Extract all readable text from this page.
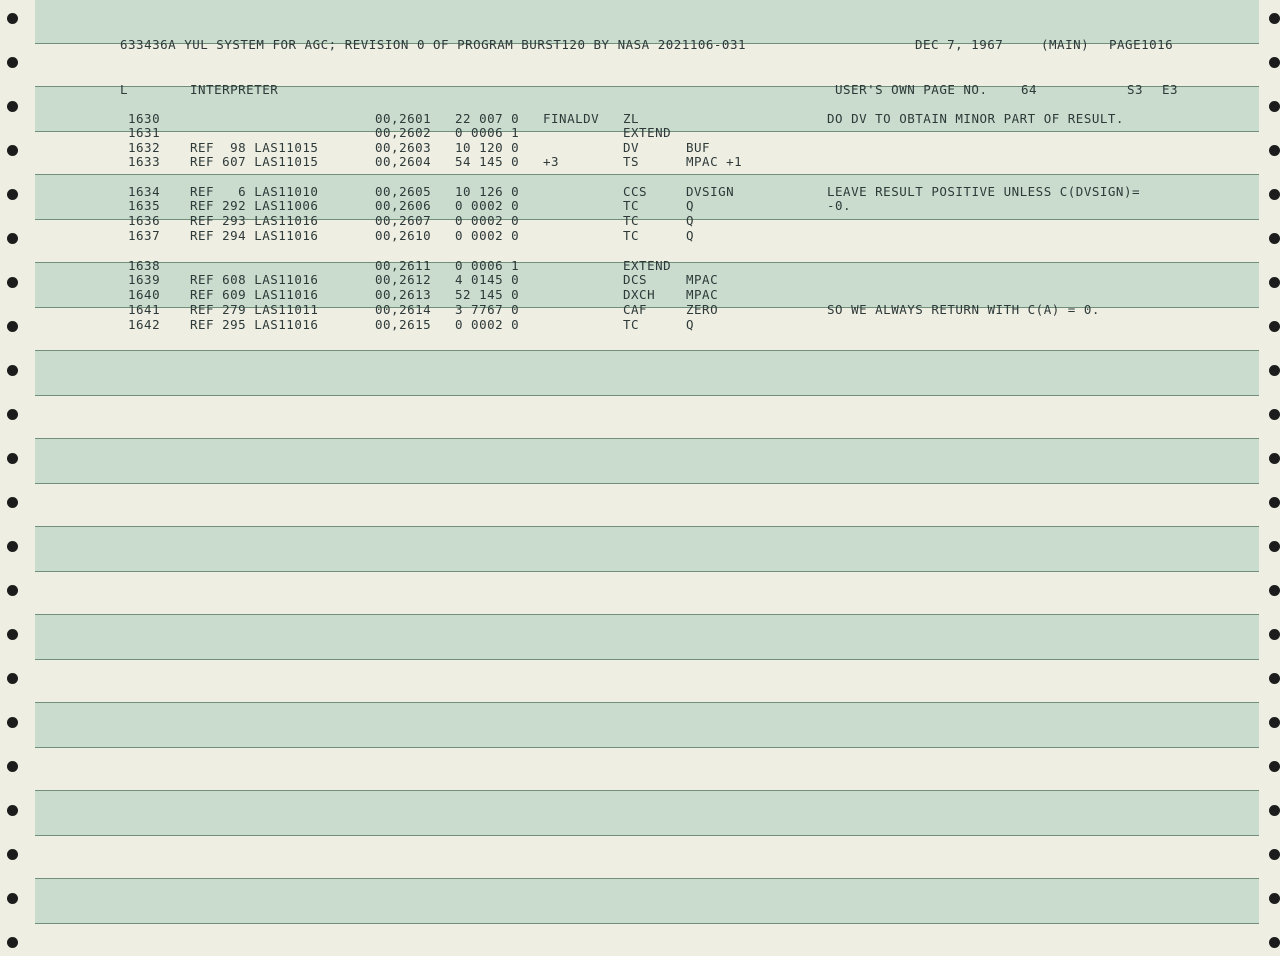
633436A YUL SYSTEM FOR AGC; REVISION 0 OF PROGRAM BURST120 BY NASA 2021106-031	DEC 7, 1967	(MAIN) PAGE1016
L	INTERPRETER	USER'S OWN PAGE NO.	64	S3 E3
1630	00,2601 22 007 0 FINALDV ZL	DO DV TO OBTAIN MINOR PART OF RESULT.
1631	00,2602 0 0006 1	EXTEND
1632 REF  98 LAS11015	00,2603 10 120 0	DV	BUF
1633 REF 607 LAS11015	00,2604 54 145 0 +3	TS	MPAC +1
1634 REF   6 LAS11010	00,2605 10 126 0	CCS	DVSIGN	LEAVE RESULT POSITIVE UNLESS C(DVSIGN)=
1635 REF 292 LAS11006	00,2606 0 0002 0	TC	Q	-0.
1636 REF 293 LAS11016	00,2607 0 0002 0	TC	Q
1637 REF 294 LAS11016	00,2610 0 0002 0	TC	Q
1638	00,2611 0 0006 1	EXTEND
1639 REF 608 LAS11016	00,2612 4 0145 0	DCS	MPAC
1640 REF 609 LAS11016	00,2613 52 145 0	DXCH MPAC
1641 REF 279 LAS11011	00,2614 3 7767 0	CAF	ZERO	SO WE ALWAYS RETURN WITH C(A) = 0.
1642 REF 295 LAS11016	00,2615 0 0002 0	TC	Q
